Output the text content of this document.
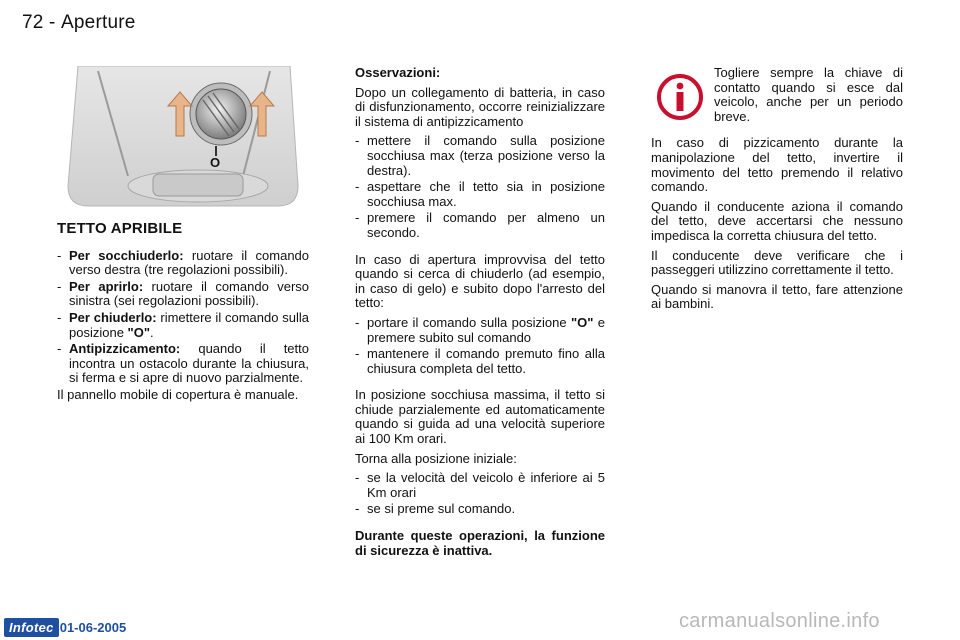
72 - Aperture
O
TETTO APRIBILE
- Per socchiuderlo: ruotare il comando verso destra (tre regolazioni possibili).
- Per aprirlo: ruotare il comando verso sinistra (sei regolazioni possibili).
- Per chiuderlo: rimettere il comando sulla posizione "O".
- Antipizzicamento: quando il tetto incontra un ostacolo durante la chiusura, si ferma e si apre di nuovo parzialmente.

Il pannello mobile di copertura è manuale.

Osservazioni:

Dopo un collegamento di batteria, in caso di disfunzionamento, occorre reinizializzare il sistema di antipizzicamento

- mettere il comando sulla posizione socchiusa max (terza posizione verso la destra).
- aspettare che il tetto sia in posizione socchiusa max.
- premere il comando per almeno un secondo.

In caso di apertura improvvisa del tetto quando si cerca di chiuderlo (ad esempio, in caso di gelo) e subito dopo l'arresto del tetto:

- portare il comando sulla posizione "O" e premere subito sul comando
- mantenere il comando premuto fino alla chiusura completa del tetto.

In posizione socchiusa massima, il tetto si chiude parzialemente ed automaticamente quando si guida ad una velocità superiore ai 100 Km orari.

Torna alla posizione iniziale:

- se la velocità del veicolo è inferiore ai 5 Km orari
- se si preme sul comando.

Durante queste operazioni, la funzione di sicurezza è inattiva.

Togliere sempre la chiave di contatto quando si esce dal veicolo, anche per un periodo breve.

In caso di pizzicamento durante la manipolazione del tetto, invertire il movimento del tetto premendo il relativo comando.

Quando il conducente aziona il comando del tetto, deve accertarsi che nessuno impedisca la corretta chiusura del tetto.

Il conducente deve verificare che i passeggeri utilizzino correttamente il tetto.

Quando si manovra il tetto, fare attenzione ai bambini.

Infotec 01-06-2005	carmanualsonline.info
